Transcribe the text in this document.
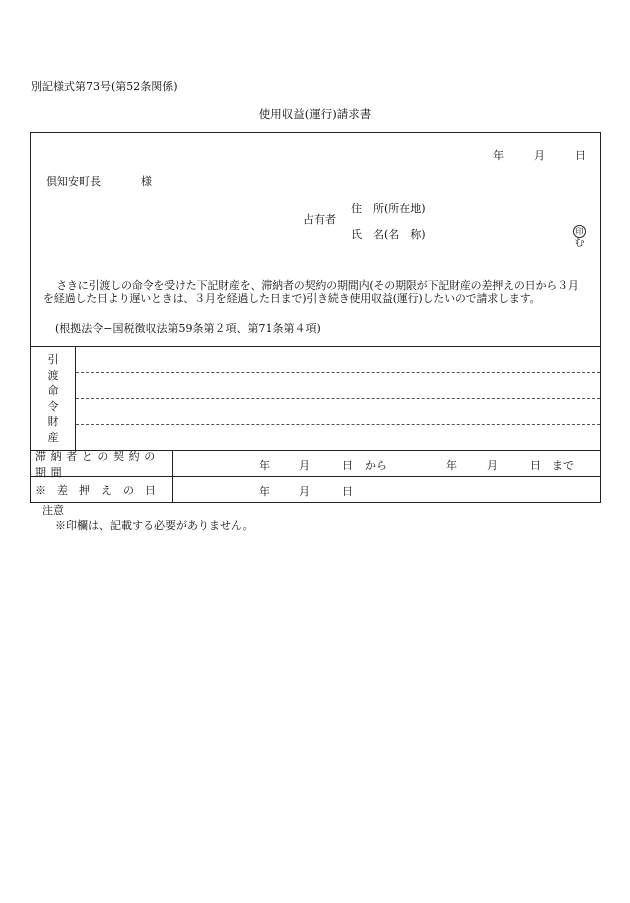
別記様式第73号(第52条関係)
使用収益(運行)請求書
年	月	日
倶知安町長	様
占有者
住　所(所在地)
氏　名(名　称)	印
む
さきに引渡しの命令を受けた下記財産を、滞納者の契約の期間内(その期限が下記財産の差押えの日から３月を経過した日より遅いときは、３月を経過した日まで)引き続き使用収益(運行)したいので請求します。
(根拠法令−国税徴収法第59条第２項、第71条第４項)
引
渡
命
令
財
産
滞納者との契約の期間	年	月	日 から	年	月	日 まで
※　差　押　え　の　日	年	月	日
注意
※印欄は、記載する必要がありません。
